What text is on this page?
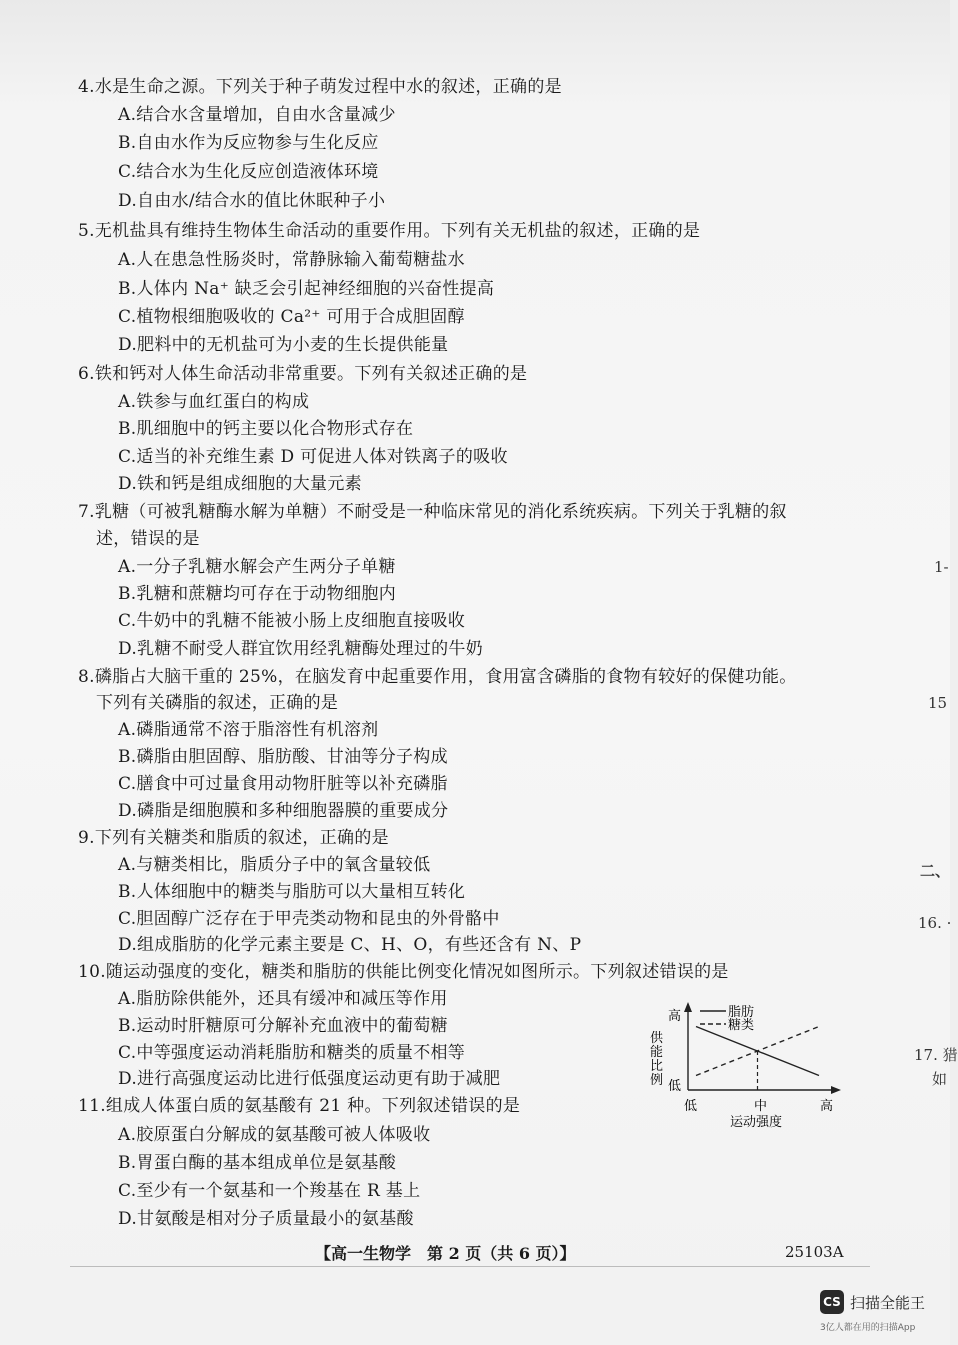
4.水是生命之源。下列关于种子萌发过程中水的叙述，正确的是
A.结合水含量增加，自由水含量减少
B.自由水作为反应物参与生化反应
C.结合水为生化反应创造液体环境
D.自由水/结合水的值比休眠种子小
5.无机盐具有维持生物体生命活动的重要作用。下列有关无机盐的叙述，正确的是
A.人在患急性肠炎时，常静脉输入葡萄糖盐水
B.人体内 Na⁺ 缺乏会引起神经细胞的兴奋性提高
C.植物根细胞吸收的 Ca²⁺ 可用于合成胆固醇
D.肥料中的无机盐可为小麦的生长提供能量
6.铁和钙对人体生命活动非常重要。下列有关叙述正确的是
A.铁参与血红蛋白的构成
B.肌细胞中的钙主要以化合物形式存在
C.适当的补充维生素 D 可促进人体对铁离子的吸收
D.铁和钙是组成细胞的大量元素
7.乳糖（可被乳糖酶水解为单糖）不耐受是一种临床常见的消化系统疾病。下列关于乳糖的叙
述，错误的是
A.一分子乳糖水解会产生两分子单糖
B.乳糖和蔗糖均可存在于动物细胞内
C.牛奶中的乳糖不能被小肠上皮细胞直接吸收
D.乳糖不耐受人群宜饮用经乳糖酶处理过的牛奶
8.磷脂占大脑干重的 25%，在脑发育中起重要作用，食用富含磷脂的食物有较好的保健功能。
下列有关磷脂的叙述，正确的是
A.磷脂通常不溶于脂溶性有机溶剂
B.磷脂由胆固醇、脂肪酸、甘油等分子构成
C.膳食中可过量食用动物肝脏等以补充磷脂
D.磷脂是细胞膜和多种细胞器膜的重要成分
9.下列有关糖类和脂质的叙述，正确的是
A.与糖类相比，脂质分子中的氧含量较低
B.人体细胞中的糖类与脂肪可以大量相互转化
C.胆固醇广泛存在于甲壳类动物和昆虫的外骨骼中
D.组成脂肪的化学元素主要是 C、H、O，有些还含有 N、P
10.随运动强度的变化，糖类和脂肪的供能比例变化情况如图所示。下列叙述错误的是
A.脂肪除供能外，还具有缓冲和减压等作用
B.运动时肝糖原可分解补充血液中的葡萄糖
C.中等强度运动消耗脂肪和糖类的质量不相等
D.进行高强度运动比进行低强度运动更有助于减肥
脂肪
糖类
高
低
供
能
比
例
低	中	高
运动强度
11.组成人体蛋白质的氨基酸有 21 种。下列叙述错误的是
1-
15
二、
16. ·
17. 猎
如
A.胶原蛋白分解成的氨基酸可被人体吸收
B.胃蛋白酶的基本组成单位是氨基酸
C.至少有一个氨基和一个羧基在 R 基上
D.甘氨酸是相对分子质量最小的氨基酸
【高一生物学　第 2 页（共 6 页）】	25103A
CS 扫描全能王
3亿人都在用的扫描App
